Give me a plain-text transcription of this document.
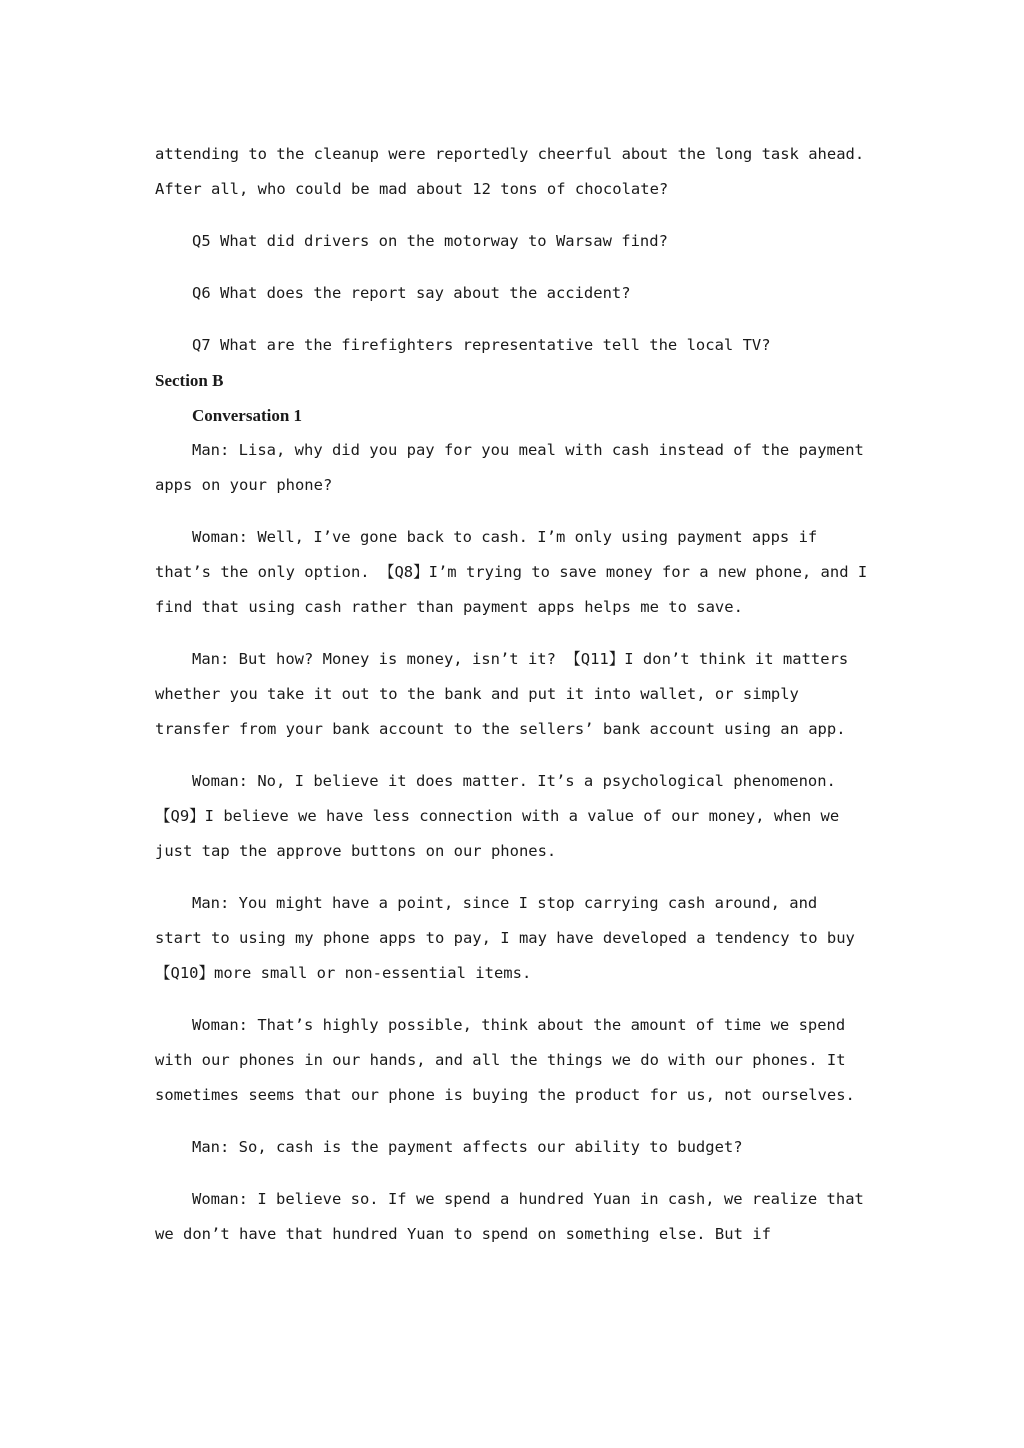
attending to the cleanup were reportedly cheerful about the long task ahead. After all, who could be mad about 12 tons of chocolate?

Q5 What did drivers on the motorway to Warsaw find?

Q6 What does the report say about the accident?

Q7 What are the firefighters representative tell the local TV?

Section B

Conversation 1

Man: Lisa, why did you pay for you meal with cash instead of the payment apps on your phone?

Woman: Well, I’ve gone back to cash. I’m only using payment apps if that’s the only option. 【Q8】I’m trying to save money for a new phone, and I find that using cash rather than payment apps helps me to save.

Man: But how? Money is money, isn’t it? 【Q11】I don’t think it matters whether you take it out to the bank and put it into wallet, or simply transfer from your bank account to the sellers’ bank account using an app.

Woman: No, I believe it does matter. It’s a psychological phenomenon. 【Q9】I believe we have less connection with a value of our money, when we just tap the approve buttons on our phones.

Man: You might have a point, since I stop carrying cash around, and start to using my phone apps to pay, I may have developed a tendency to buy 【Q10】more small or non-essential items.

Woman: That’s highly possible, think about the amount of time we spend with our phones in our hands, and all the things we do with our phones. It sometimes seems that our phone is buying the product for us, not ourselves.

Man: So, cash is the payment affects our ability to budget?

Woman: I believe so. If we spend a hundred Yuan in cash, we realize that we don’t have that hundred Yuan to spend on something else. But if
